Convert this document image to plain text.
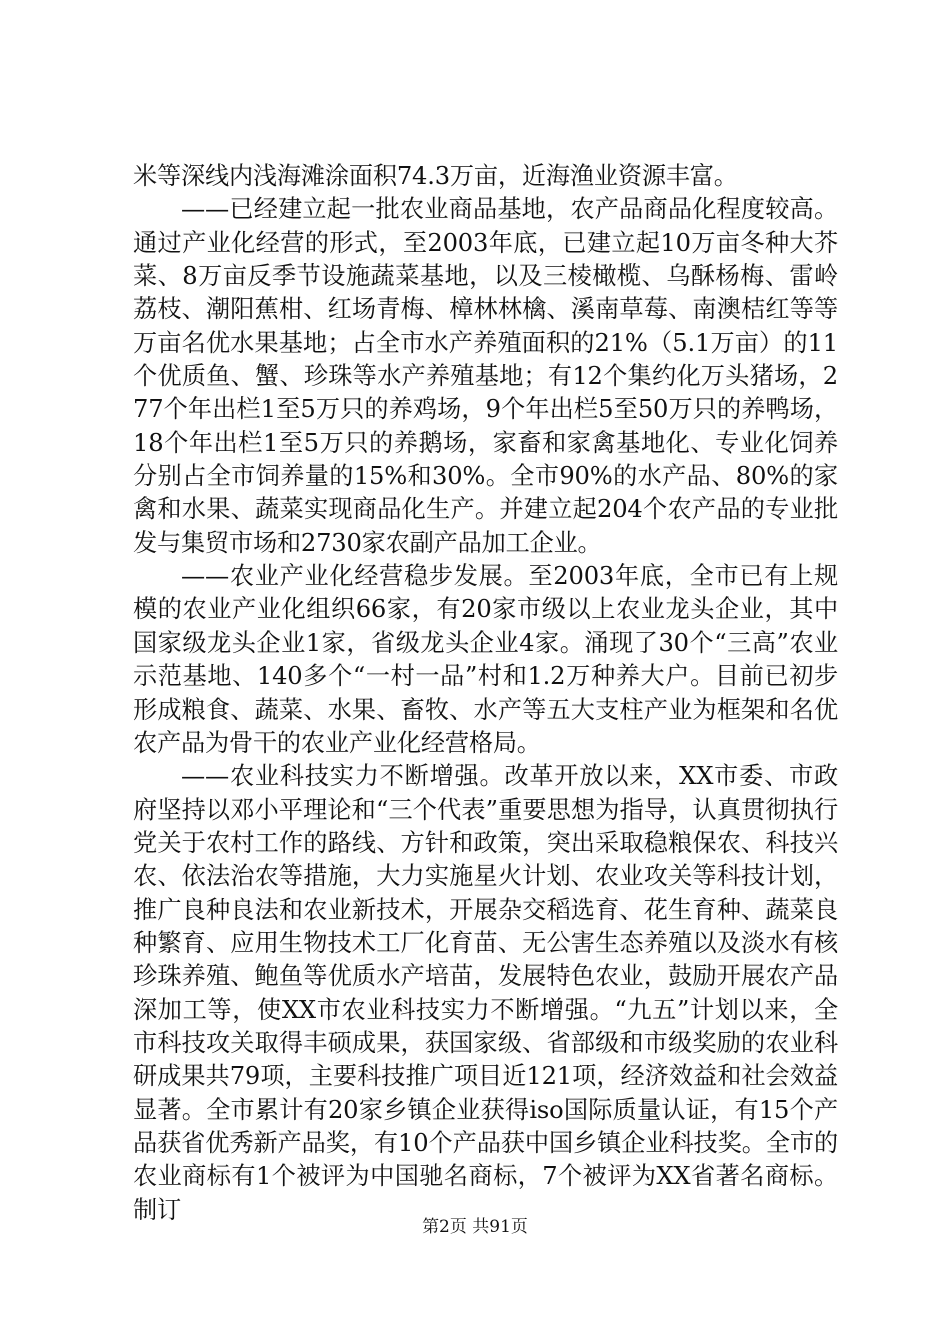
米等深线内浅海滩涂面积74.3万亩，近海渔业资源丰富。

——已经建立起一批农业商品基地，农产品商品化程度较高。通过产业化经营的形式，至2003年底，已建立起10万亩冬种大芥菜、8万亩反季节设施蔬菜基地，以及三棱橄榄、乌酥杨梅、雷岭荔枝、潮阳蕉柑、红场青梅、樟林林檎、溪南草莓、南澳桔红等等万亩名优水果基地；占全市水产养殖面积的21%（5.1万亩）的11个优质鱼、蟹、珍珠等水产养殖基地；有12个集约化万头猪场，277个年出栏1至5万只的养鸡场，9个年出栏5至50万只的养鸭场，18个年出栏1至5万只的养鹅场，家畜和家禽基地化、专业化饲养分别占全市饲养量的15%和30%。全市90%的水产品、80%的家禽和水果、蔬菜实现商品化生产。并建立起204个农产品的专业批发与集贸市场和2730家农副产品加工企业。

——农业产业化经营稳步发展。至2003年底，全市已有上规模的农业产业化组织66家，有20家市级以上农业龙头企业，其中国家级龙头企业1家，省级龙头企业4家。涌现了30个“三高”农业示范基地、140多个“一村一品”村和1.2万种养大户。目前已初步形成粮食、蔬菜、水果、畜牧、水产等五大支柱产业为框架和名优农产品为骨干的农业产业化经营格局。

——农业科技实力不断增强。改革开放以来，XX市委、市政府坚持以邓小平理论和“三个代表”重要思想为指导，认真贯彻执行党关于农村工作的路线、方针和政策，突出采取稳粮保农、科技兴农、依法治农等措施，大力实施星火计划、农业攻关等科技计划，推广良种良法和农业新技术，开展杂交稻选育、花生育种、蔬菜良种繁育、应用生物技术工厂化育苗、无公害生态养殖以及淡水有核珍珠养殖、鲍鱼等优质水产培苗，发展特色农业，鼓励开展农产品深加工等，使XX市农业科技实力不断增强。“九五”计划以来，全市科技攻关取得丰硕成果，获国家级、省部级和市级奖励的农业科研成果共79项，主要科技推广项目近121项，经济效益和社会效益显著。全市累计有20家乡镇企业获得iso国际质量认证，有15个产品获省优秀新产品奖，有10个产品获中国乡镇企业科技奖。全市的农业商标有1个被评为中国驰名商标，7个被评为XX省著名商标。制订

第2页 共91页
